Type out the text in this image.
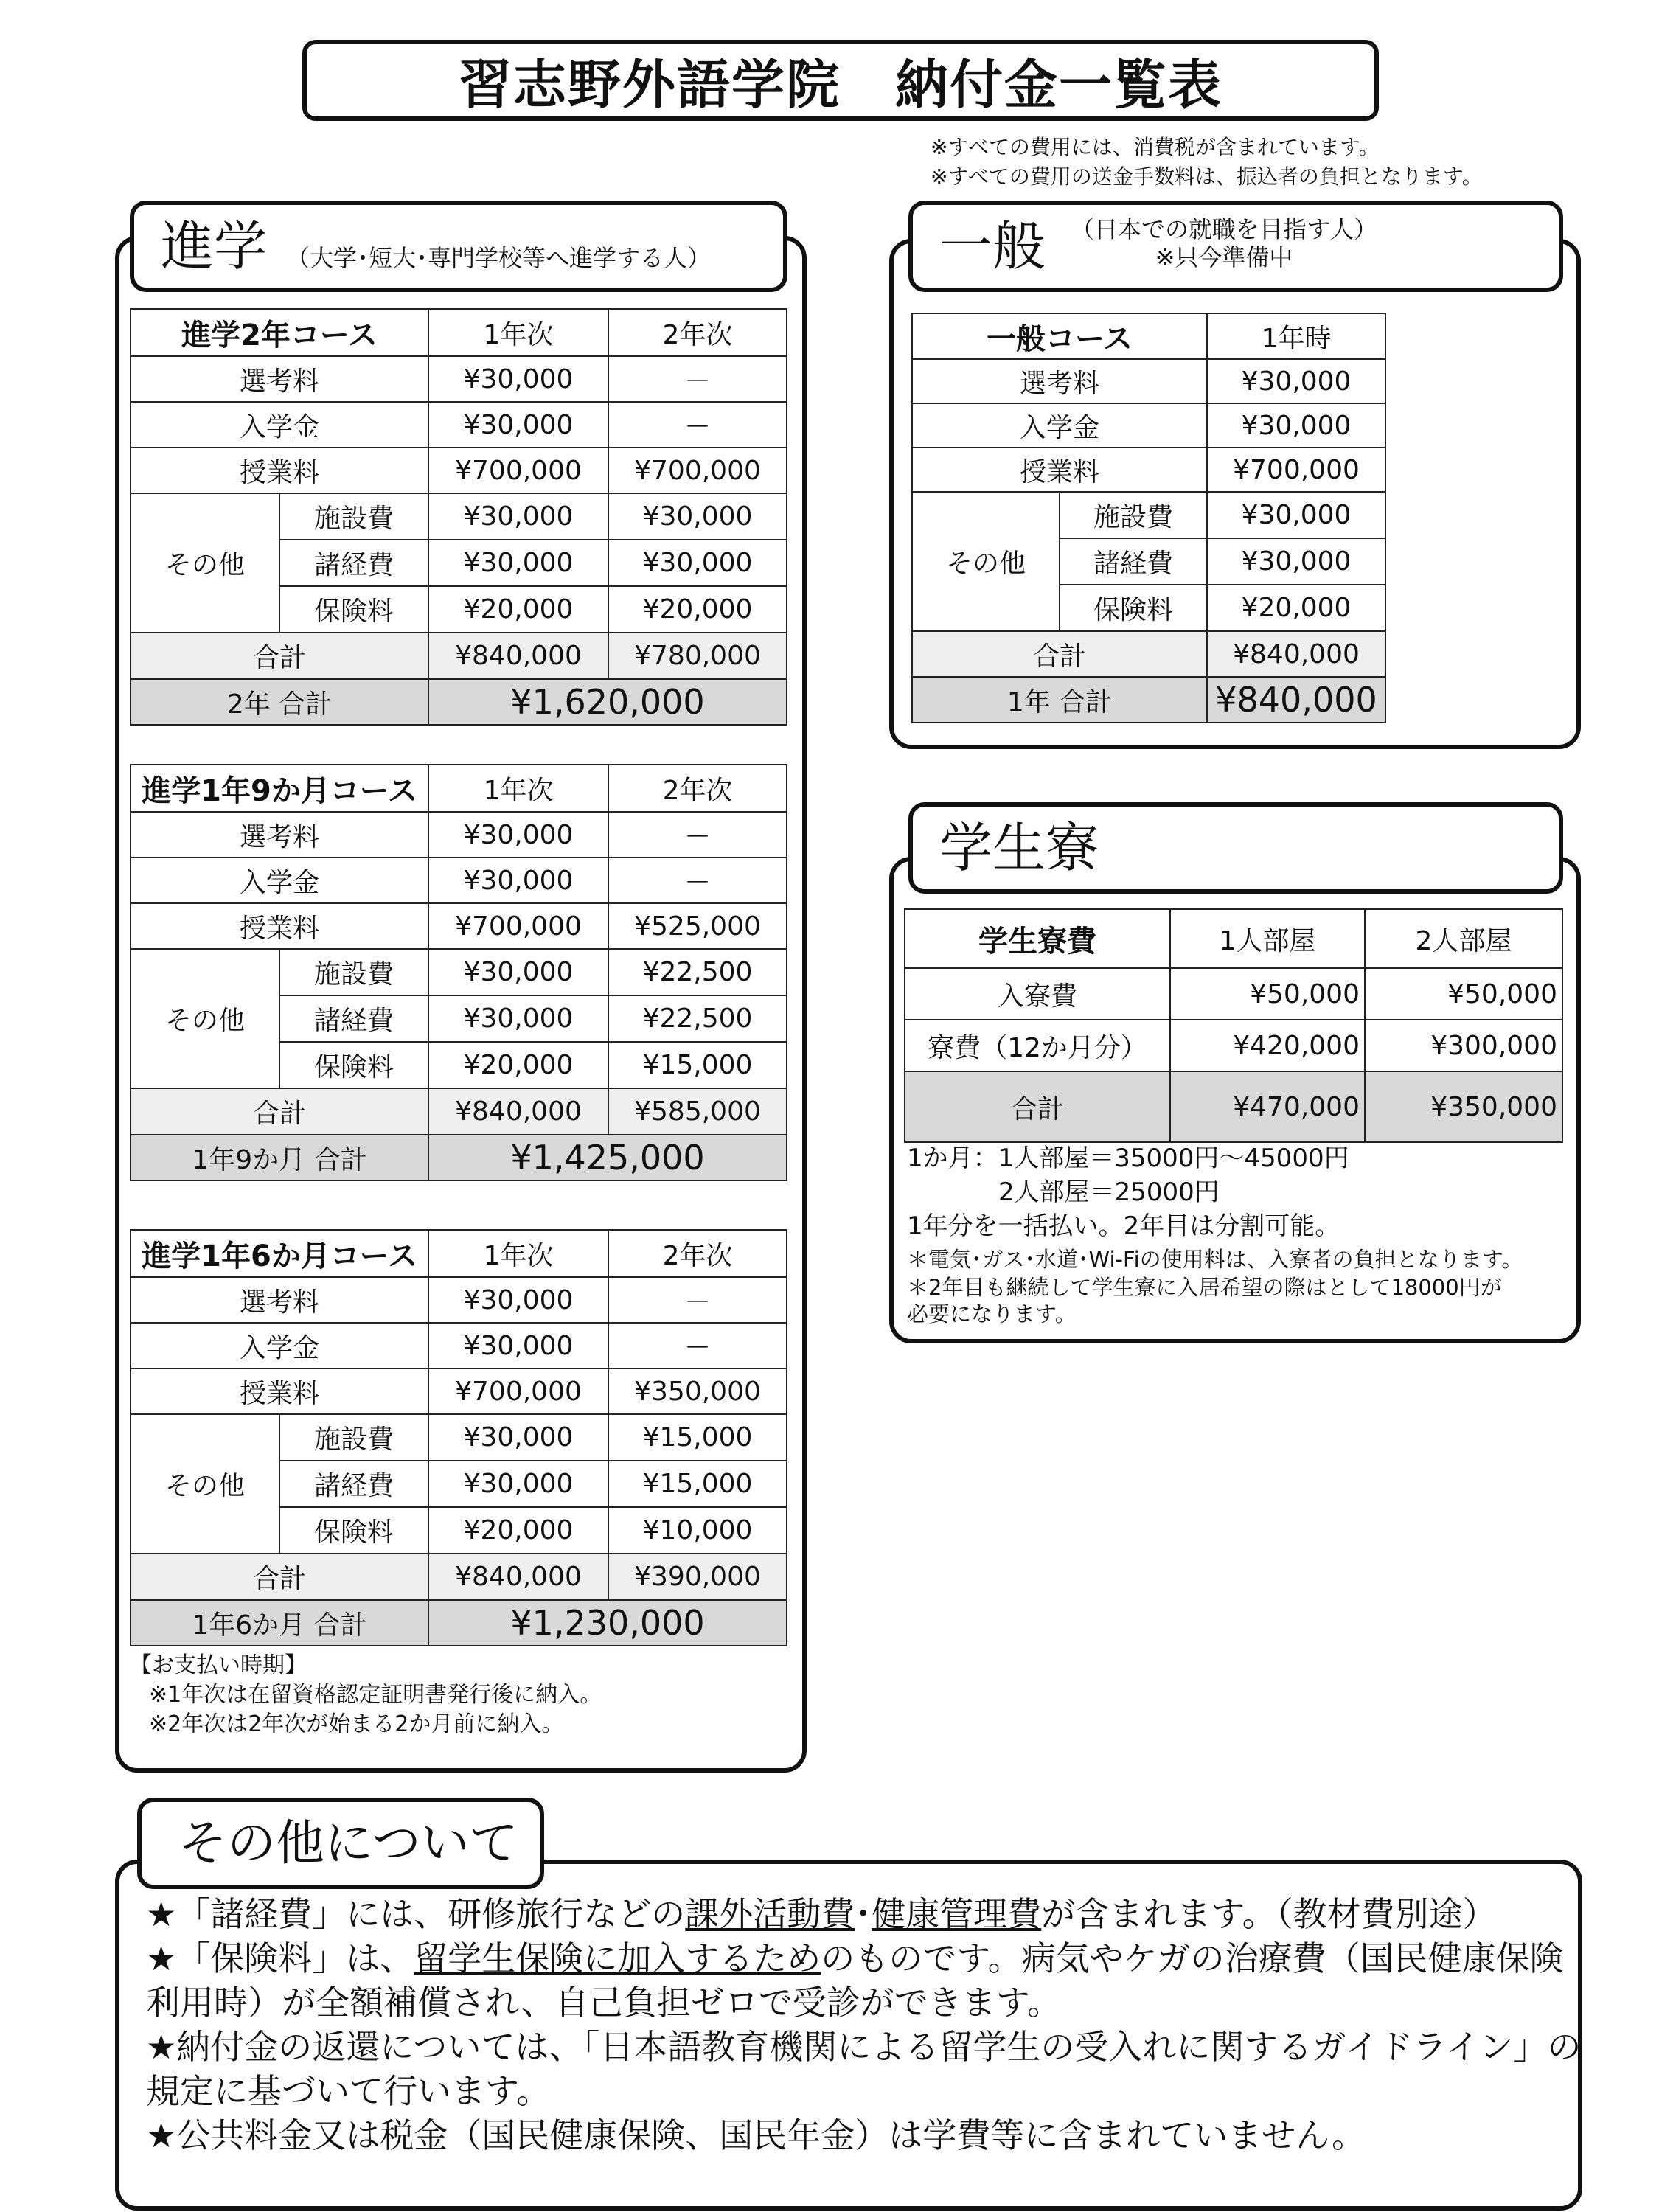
習志野外語学院　納付金一覧表
※すべての費用には、消費税が含まれています。
※すべての費用の送金手数料は、振込者の負担となります。
進学 （大学･短大･専門学校等へ進学する人）
進学2年コース		1年次	2年次
選考料		¥30,000	－
入学金		¥30,000	－
授業料		¥700,000	¥700,000
その他	施設費	¥30,000	¥30,000
	諸経費	¥30,000	¥30,000
	保険料	¥20,000	¥20,000
合計		¥840,000	¥780,000
2年 合計		¥1,620,000	
進学1年9か月コース		1年次	2年次
選考料		¥30,000	－
入学金		¥30,000	－
授業料		¥700,000	¥525,000
その他	施設費	¥30,000	¥22,500
	諸経費	¥30,000	¥22,500
	保険料	¥20,000	¥15,000
合計		¥840,000	¥585,000
1年9か月 合計		¥1,425,000	
進学1年6か月コース		1年次	2年次
選考料		¥30,000	－
入学金		¥30,000	－
授業料		¥700,000	¥350,000
その他	施設費	¥30,000	¥15,000
	諸経費	¥30,000	¥15,000
	保険料	¥20,000	¥10,000
合計		¥840,000	¥390,000
1年6か月 合計		¥1,230,000	
【お支払い時期】
※1年次は在留資格認定証明書発行後に納入。
※2年次は2年次が始まる2か月前に納入。
一般 （日本での就職を目指す人）
※只今準備中
一般コース		1年時
選考料		¥30,000
入学金		¥30,000
授業料		¥700,000
その他	施設費	¥30,000
	諸経費	¥30,000
	保険料	¥20,000
合計		¥840,000
1年 合計		¥840,000
学生寮
学生寮費	1人部屋	2人部屋
入寮費	¥50,000	¥50,000
寮費（12か月分）	¥420,000	¥300,000
合計	¥470,000	¥350,000
1か月：1人部屋＝35000円～45000円
2人部屋＝25000円
1年分を一括払い。2年目は分割可能。
＊電気･ガス･水道･Wi-Fiの使用料は、入寮者の負担となります。
＊2年目も継続して学生寮に入居希望の際はとして18000円が
必要になります。
その他について
★「諸経費」には、研修旅行などの課外活動費･健康管理費が含まれます。（教材費別途）
★「保険料」は、留学生保険に加入するためのものです。病気やケガの治療費（国民健康保険
利用時）が全額補償され、自己負担ゼロで受診ができます。
★納付金の返還については、「日本語教育機関による留学生の受入れに関するガイドライン」の
規定に基づいて行います。
★公共料金又は税金（国民健康保険、国民年金）は学費等に含まれていません。
